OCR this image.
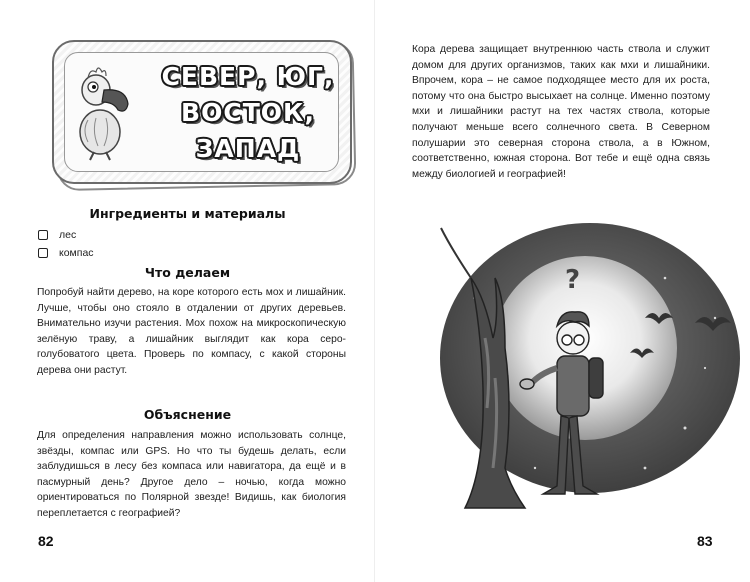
СЕВЕР, ЮГ, ВОСТОК, ЗАПАД
Ингредиенты и материалы
лес
компас
Что делаем

Попробуй найти дерево, на коре которого есть мох и лишайник. Лучше, чтобы оно стояло в отдалении от других деревьев. Внимательно изучи растения. Мох похож на микроскопическую зелёную траву, а лишайник выглядит как кора серо-голубоватого цвета. Проверь по компасу, с какой стороны дерева они растут.

Объяснение

Для определения направления можно использовать солнце, звёзды, компас или GPS. Но что ты будешь делать, если заблудишься в лесу без компаса или навигатора, да ещё и в пасмурный день? Другое дело – ночью, когда можно ориентироваться по Полярной звезде! Видишь, как биология переплетается с географией?

82

Кора дерева защищает внутреннюю часть ствола и служит домом для других организмов, таких как мхи и лишайники. Впрочем, кора – не самое подходящее место для их роста, потому что она быстро высыхает на солнце. Именно поэтому мхи и лишайники растут на тех частях ствола, которые получают меньше всего солнечного света. В Северном полушарии это северная сторона ствола, а в Южном, соответственно, южная сторона. Вот тебе и ещё одна связь между биологией и географией!

?
83
